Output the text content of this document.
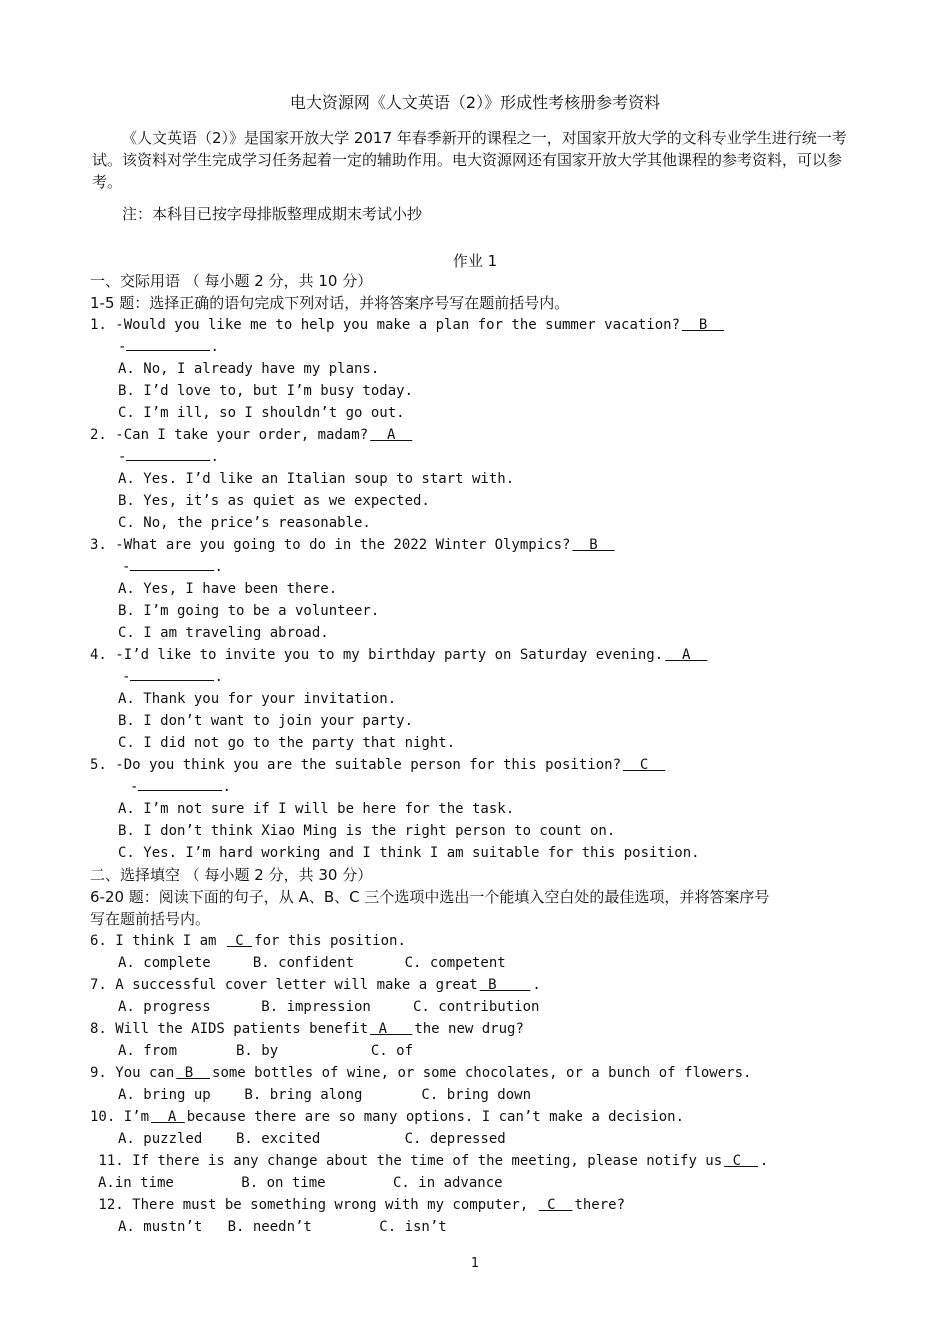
电大资源网《人文英语（2）》形成性考核册参考资料

《人文英语（2）》是国家开放大学 2017 年春季新开的课程之一，对国家开放大学的文科专业学生进行统一考试。该资料对学生完成学习任务起着一定的辅助作用。电大资源网还有国家开放大学其他课程的参考资料，可以参考。

注：本科目已按字母排版整理成期末考试小抄
作业 1
一、交际用语 （ 每小题 2 分，共 10 分）
1-5 题：选择正确的语句完成下列对话，并将答案序号写在题前括号内。
1. -Would you like me to help you make a plan for the summer vacation?  B
-	.
A. No, I already have my plans.
B. I’d love to, but I’m busy today.
C. I’m ill, so I shouldn’t go out.
2. -Can I take your order, madam?  A
-	.
A. Yes. I’d like an Italian soup to start with.
B. Yes, it’s as quiet as we expected.
C. No, the price’s reasonable.
3. -What are you going to do in the 2022 Winter Olympics?  B
-	.
A. Yes, I have been there.
B. I’m going to be a volunteer.
C. I am traveling abroad.
4. -I’d like to invite you to my birthday party on Saturday evening.  A
-	.
A. Thank you for your invitation.
B. I don’t want to join your party.
C. I did not go to the party that night.
5. -Do you think you are the suitable person for this position?  C
-	.
A. I’m not sure if I will be here for the task.
B. I don’t think Xiao Ming is the right person to count on.
C. Yes. I’m hard working and I think I am suitable for this position.
二、选择填空 （ 每小题 2 分，共 30 分）
6-20 题：阅读下面的句子，从 A、B、C 三个选项中选出一个能填入空白处的最佳选项，并将答案序号
写在题前括号内。
6. I think I am  C for this position.
A. complete     B. confident      C. competent
7. A successful cover letter will make a great B    .
A. progress      B. impression     C. contribution
8. Will the AIDS patients benefit A   the new drug?
A. from       B. by           C. of
9. You can B  some bottles of wine, or some chocolates, or a bunch of flowers.
A. bring up    B. bring along       C. bring down
10. I’m  A because there are so many options. I can’t make a decision.
A. puzzled    B. excited          C. depressed
11. If there is any change about the time of the meeting, please notify us C  .
A.in time        B. on time        C. in advance
12. There must be something wrong with my computer,  C  there?
A. mustn’t   B. needn’t        C. isn’t
1
